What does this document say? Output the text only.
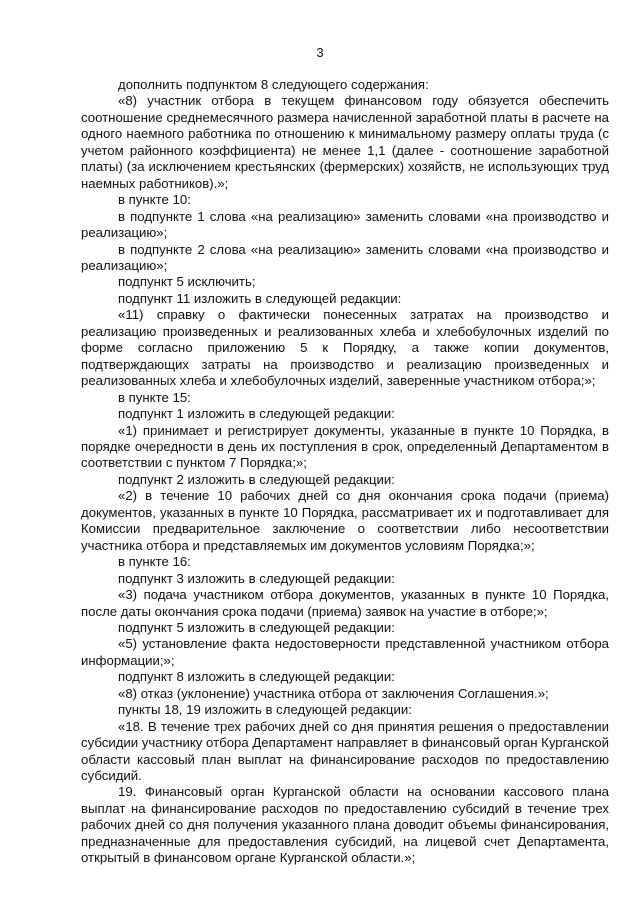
3

дополнить подпунктом 8 следующего содержания:

«8) участник отбора в текущем финансовом году обязуется обеспечить соотношение среднемесячного размера начисленной заработной платы в расчете на одного наемного работника по отношению к минимальному размеру оплаты труда (с учетом районного коэффициента) не менее 1,1 (далее - соотношение заработной платы) (за исключением крестьянских (фермерских) хозяйств, не использующих труд наемных работников).»;

в пункте 10:

в подпункте 1 слова «на реализацию» заменить словами «на производство и реализацию»;

в подпункте 2 слова «на реализацию» заменить словами «на производство и реализацию»;

подпункт 5 исключить;

подпункт 11 изложить в следующей редакции:

«11) справку о фактически понесенных затратах на производство и реализацию произведенных и реализованных хлеба и хлебобулочных изделий по форме согласно приложению 5 к Порядку, а также копии документов, подтверждающих затраты на производство и реализацию произведенных и реализованных хлеба и хлебобулочных изделий, заверенные участником отбора;»;

в пункте 15:

подпункт 1 изложить в следующей редакции:

«1) принимает и регистрирует документы, указанные в пункте 10 Порядка, в порядке очередности в день их поступления в срок, определенный Департаментом в соответствии с пунктом 7 Порядка;»;

подпункт 2 изложить в следующей редакции:

«2) в течение 10 рабочих дней со дня окончания срока подачи (приема) документов, указанных в пункте 10 Порядка, рассматривает их и подготавливает для Комиссии предварительное заключение о соответствии либо несоответствии участника отбора и представляемых им документов условиям Порядка;»;

в пункте 16:

подпункт 3 изложить в следующей редакции:

«3) подача участником отбора документов, указанных в пункте 10 Порядка, после даты окончания срока подачи (приема) заявок на участие в отборе;»;

подпункт 5 изложить в следующей редакции:

«5) установление факта недостоверности представленной участником отбора информации;»;

подпункт 8 изложить в следующей редакции:

«8) отказ (уклонение) участника отбора от заключения Соглашения.»;

пункты 18, 19 изложить в следующей редакции:

«18. В течение трех рабочих дней со дня принятия решения о предоставлении субсидии участнику отбора Департамент направляет в финансовый орган Курганской области кассовый план выплат на финансирование расходов по предоставлению субсидий.

19. Финансовый орган Курганской области на основании кассового плана выплат на финансирование расходов по предоставлению субсидий в течение трех рабочих дней со дня получения указанного плана доводит объемы финансирования, предназначенные для предоставления субсидий, на лицевой счет Департамента, открытый в финансовом органе Курганской области.»;
